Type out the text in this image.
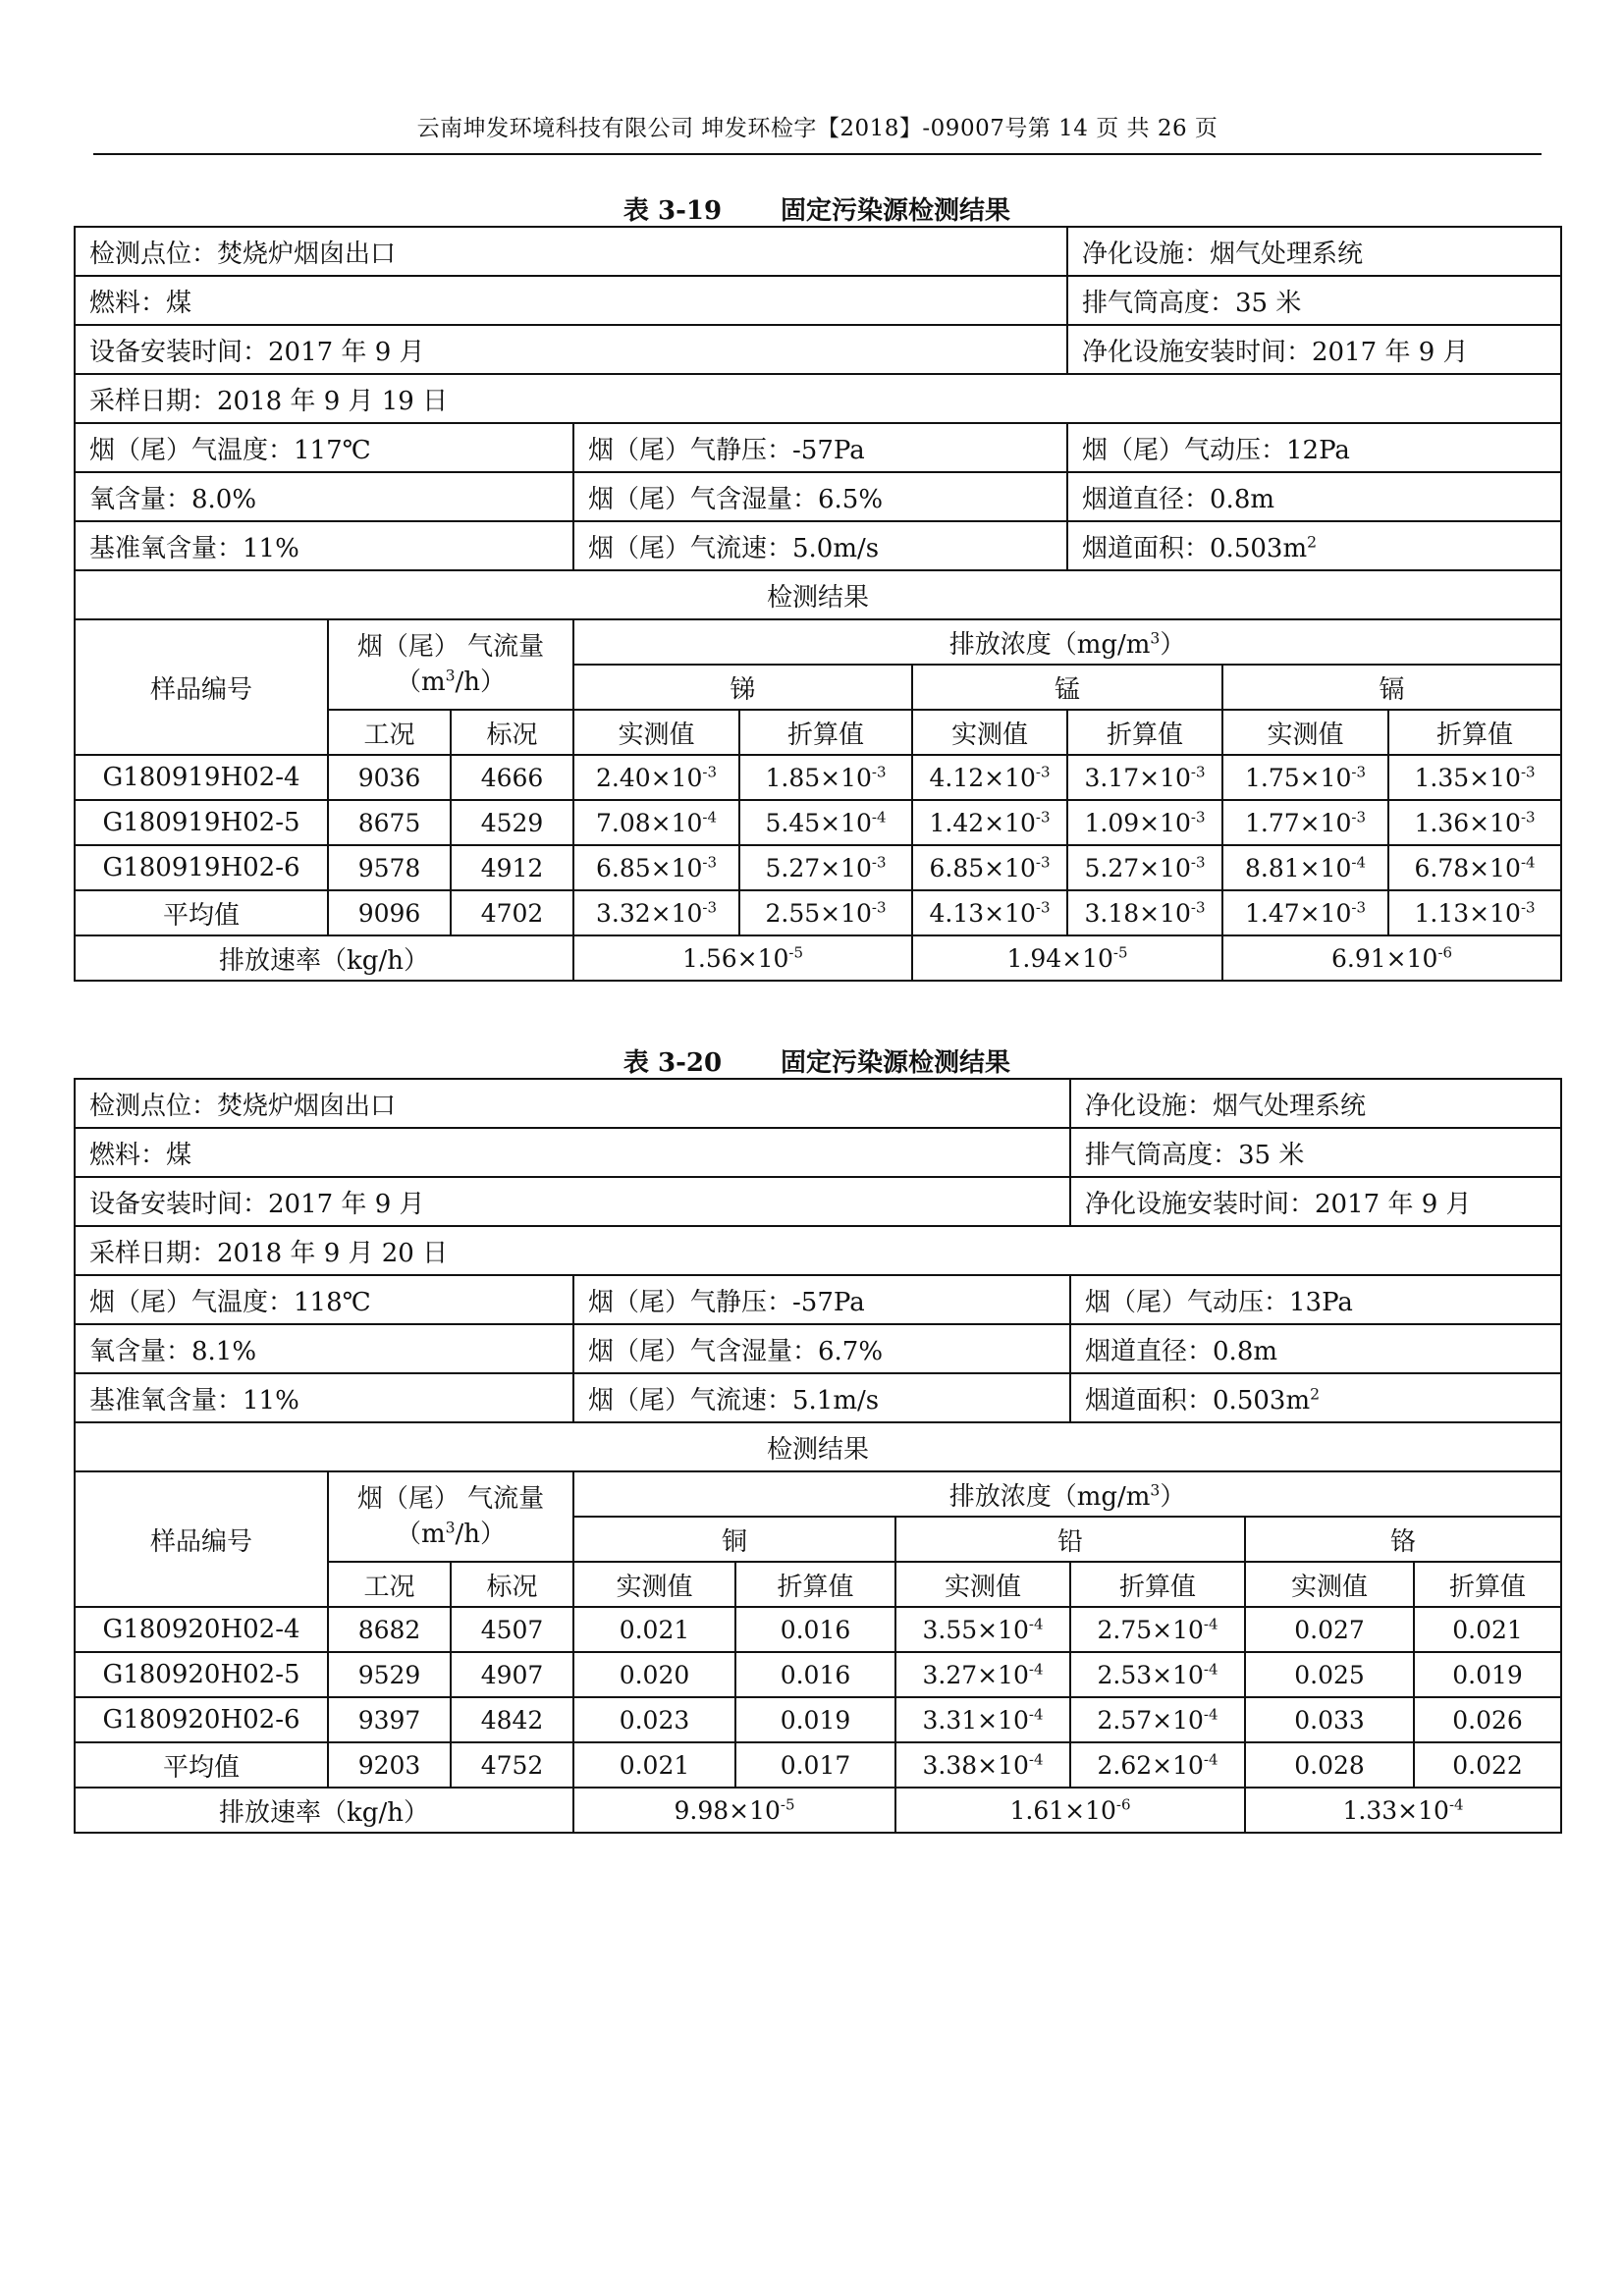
云南坤发环境科技有限公司 坤发环检字【2018】-09007号第 14 页 共 26 页
表 3-19 固定污染源检测结果
检测点位：焚烧炉烟囱出口						净化设施：烟气处理系统		
燃料：煤						排气筒高度：35 米		
设备安装时间：2017 年 9 月						净化设施安装时间：2017 年 9 月		
采样日期：2018 年 9 月 19 日								
烟（尾）气温度：117℃			烟（尾）气静压：-57Pa			烟（尾）气动压：12Pa		
氧含量：8.0%			烟（尾）气含湿量：6.5%			烟道直径：0.8m		
基准氧含量：11%			烟（尾）气流速：5.0m/s			烟道面积：$0.503m^2$
检测结果								
样品编号	烟（尾） 气流量
$(m^3/h)$		排放浓度$(mg/m^3)$					
			锑		锰		镉	
	工况	标况	实测值	折算值	实测值	折算值	实测值	折算值
G180919H02-4	9036	4666	$2.40\times 10^{-3}$	$1.85\times 10^{-3}$	$4.12\times 10^{-3}$	$3.17\times 10^{-3}$	$1.75\times 10^{-3}$	$1.35\times 10^{-3}$
G180919H02-5	8675	4529	$7.08\times 10^{-4}$	$5.45\times 10^{-4}$	$1.42\times 10^{-3}$	$1.09\times 10^{-3}$	$1.77\times 10^{-3}$	$1.36\times 10^{-3}$
G180919H02-6	9578	4912	$6.85\times 10^{-3}$	$5.27\times 10^{-3}$	$6.85\times 10^{-3}$	$5.27\times 10^{-3}$	$8.81\times 10^{-4}$	$6.78\times 10^{-4}$
平均值	9096	4702	$3.32\times 10^{-3}$	$2.55\times 10^{-3}$	$4.13\times 10^{-3}$	$3.18\times 10^{-3}$	$1.47\times 10^{-3}$	$1.13\times 10^{-3}$
排放速率（kg/h）			$1.56\times 10^{-5}$		$1.94\times 10^{-5}$		$6.91\times 10^{-6}$
表 3-20 固定污染源检测结果
检测点位：焚烧炉烟囱出口						净化设施：烟气处理系统		
燃料：煤						排气筒高度：35 米		
设备安装时间：2017 年 9 月						净化设施安装时间：2017 年 9 月		
采样日期：2018 年 9 月 20 日								
烟（尾）气温度：118℃			烟（尾）气静压：-57Pa			烟（尾）气动压：13Pa		
氧含量：8.1%			烟（尾）气含湿量：6.7%			烟道直径：0.8m		
基准氧含量：11%			烟（尾）气流速：5.1m/s			烟道面积：$0.503m^2$
检测结果								
样品编号	烟（尾） 气流量
$(m^3/h)$		排放浓度$(mg/m^3)$					
			铜		铅		铬	
	工况	标况	实测值	折算值	实测值	折算值	实测值	折算值
G180920H02-4	8682	4507	0.021	0.016	$3.55\times 10^{-4}$	$2.75\times 10^{-4}$	0.027	0.021
G180920H02-5	9529	4907	0.020	0.016	$3.27\times 10^{-4}$	$2.53\times 10^{-4}$	0.025	0.019
G180920H02-6	9397	4842	0.023	0.019	$3.31\times 10^{-4}$	$2.57\times 10^{-4}$	0.033	0.026
平均值	9203	4752	0.021	0.017	$3.38\times 10^{-4}$	$2.62\times 10^{-4}$	0.028	0.022
排放速率（kg/h）			$9.98\times 10^{-5}$		$1.61\times 10^{-6}$		$1.33\times 10^{-4}$
